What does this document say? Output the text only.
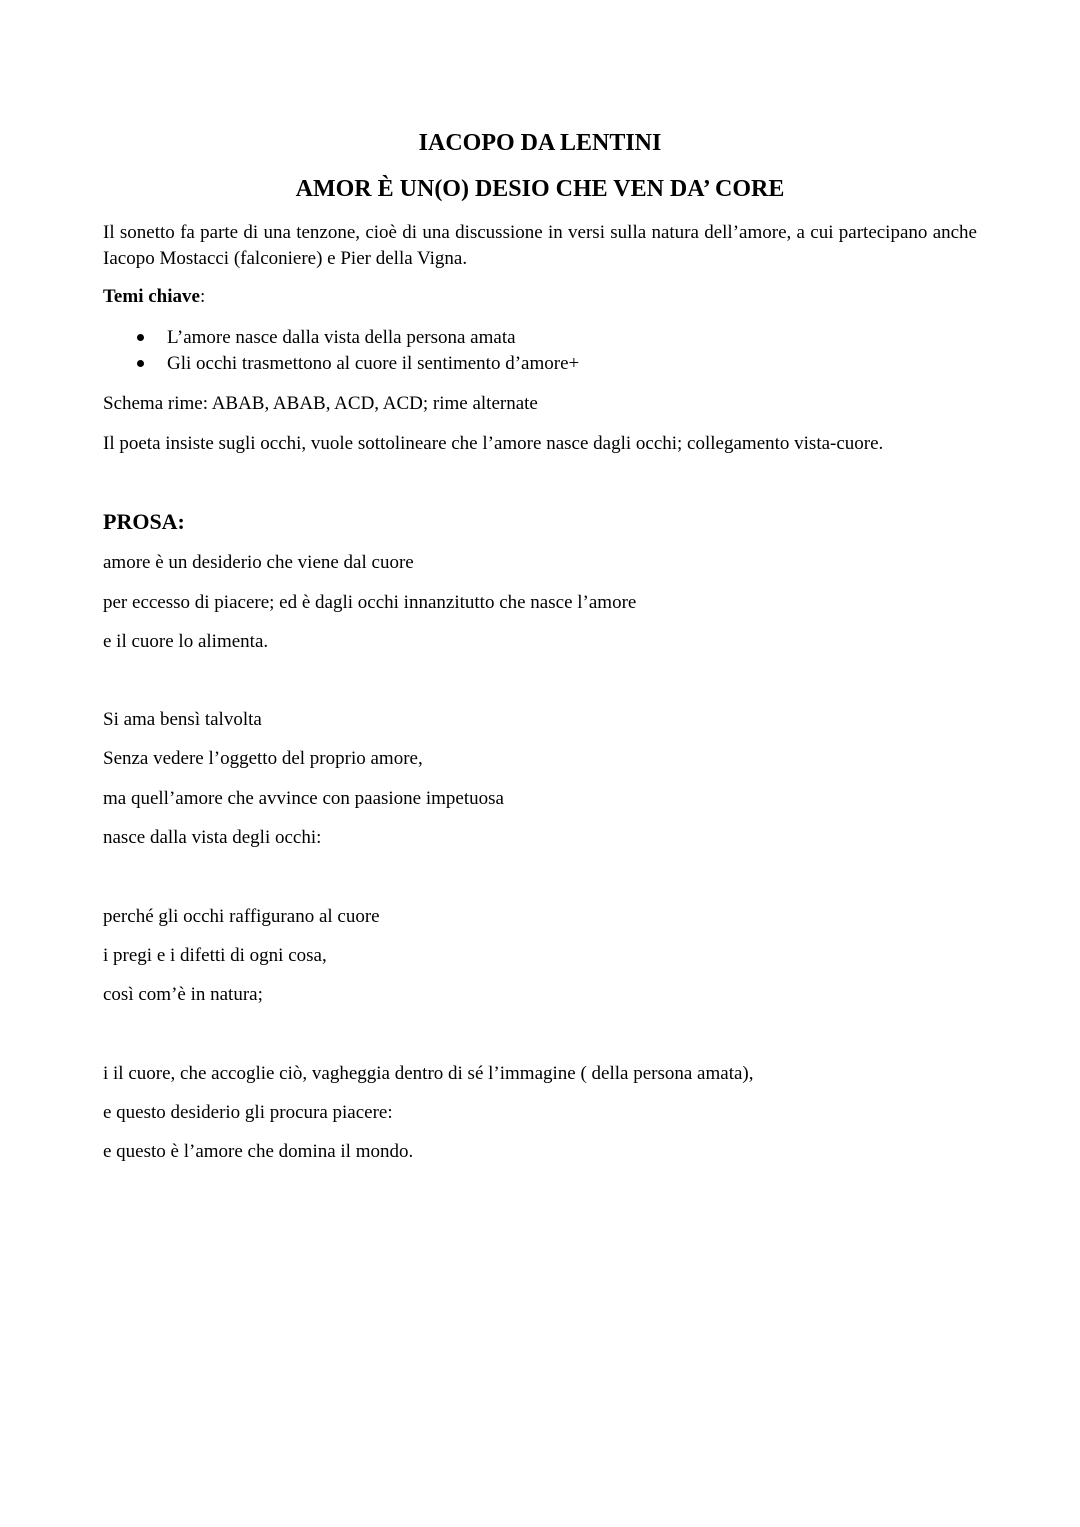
IACOPO DA LENTINI
AMOR È UN(O) DESIO CHE VEN DA’ CORE

Il sonetto fa parte di una tenzone, cioè di una discussione in versi sulla natura dell’amore, a cui partecipano anche Iacopo Mostacci (falconiere) e Pier della Vigna.

Temi chiave:
L’amore nasce dalla vista della persona amata
Gli occhi trasmettono al cuore il sentimento d’amore+
Schema rime: ABAB, ABAB, ACD, ACD; rime alternate
Il poeta insiste sugli occhi, vuole sottolineare che l’amore nasce dagli occhi; collegamento vista-cuore.
PROSA:
amore è un desiderio che viene dal cuore
per eccesso di piacere; ed è dagli occhi innanzitutto che nasce l’amore
e il cuore lo alimenta.
Si ama bensì talvolta
Senza vedere l’oggetto del proprio amore,
ma quell’amore che avvince con paasione impetuosa
nasce dalla vista degli occhi:
perché gli occhi raffigurano al cuore
i pregi e i difetti di ogni cosa,
così com’è in natura;
i il cuore, che accoglie ciò, vagheggia dentro di sé l’immagine ( della persona amata),
e questo desiderio gli procura piacere:
e questo è l’amore che domina il mondo.
